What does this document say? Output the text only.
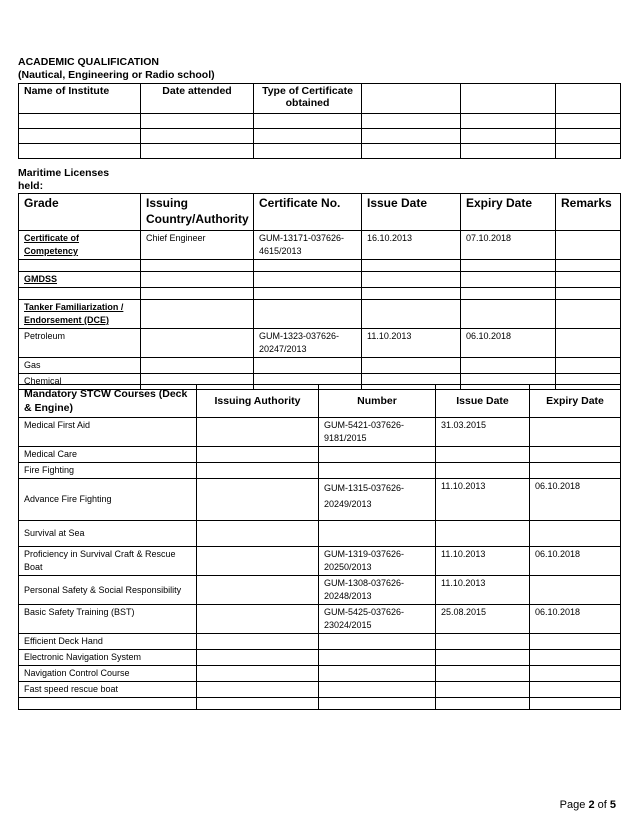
ACADEMIC QUALIFICATION
(Nautical, Engineering or Radio school)
Name of Institute	Date attended	Type of Certificate obtained			

Maritime Licenses
held:
Grade	Issuing Country/Authority	Certificate No.	Issue Date	Expiry Date	Remarks
Certificate of Competency	Chief Engineer	GUM-13171-037626-4615/2013	16.10.2013	07.10.2018	

GMDSS					

Tanker Familiarization / Endorsement (DCE)					
Petroleum		GUM-1323-037626-20247/2013	11.10.2013	06.10.2018	
Gas					
Chemical					
Mandatory STCW Courses (Deck & Engine)	Issuing Authority	Number	Issue Date	Expiry Date
Medical First Aid		GUM-5421-037626-9181/2015	31.03.2015	
Medical Care				
Fire Fighting				
Advance Fire Fighting		GUM-1315-037626-20249/2013	11.10.2013	06.10.2018
Survival at Sea				
Proficiency in Survival Craft & Rescue Boat		GUM-1319-037626-20250/2013	11.10.2013	06.10.2018
Personal Safety & Social Responsibility		GUM-1308-037626-20248/2013	11.10.2013	
Basic Safety Training (BST)		GUM-5425-037626-23024/2015	25.08.2015	06.10.2018
Efficient Deck Hand				
Electronic Navigation System				
Navigation Control Course				
Fast speed rescue boat				

Page 2 of 5
